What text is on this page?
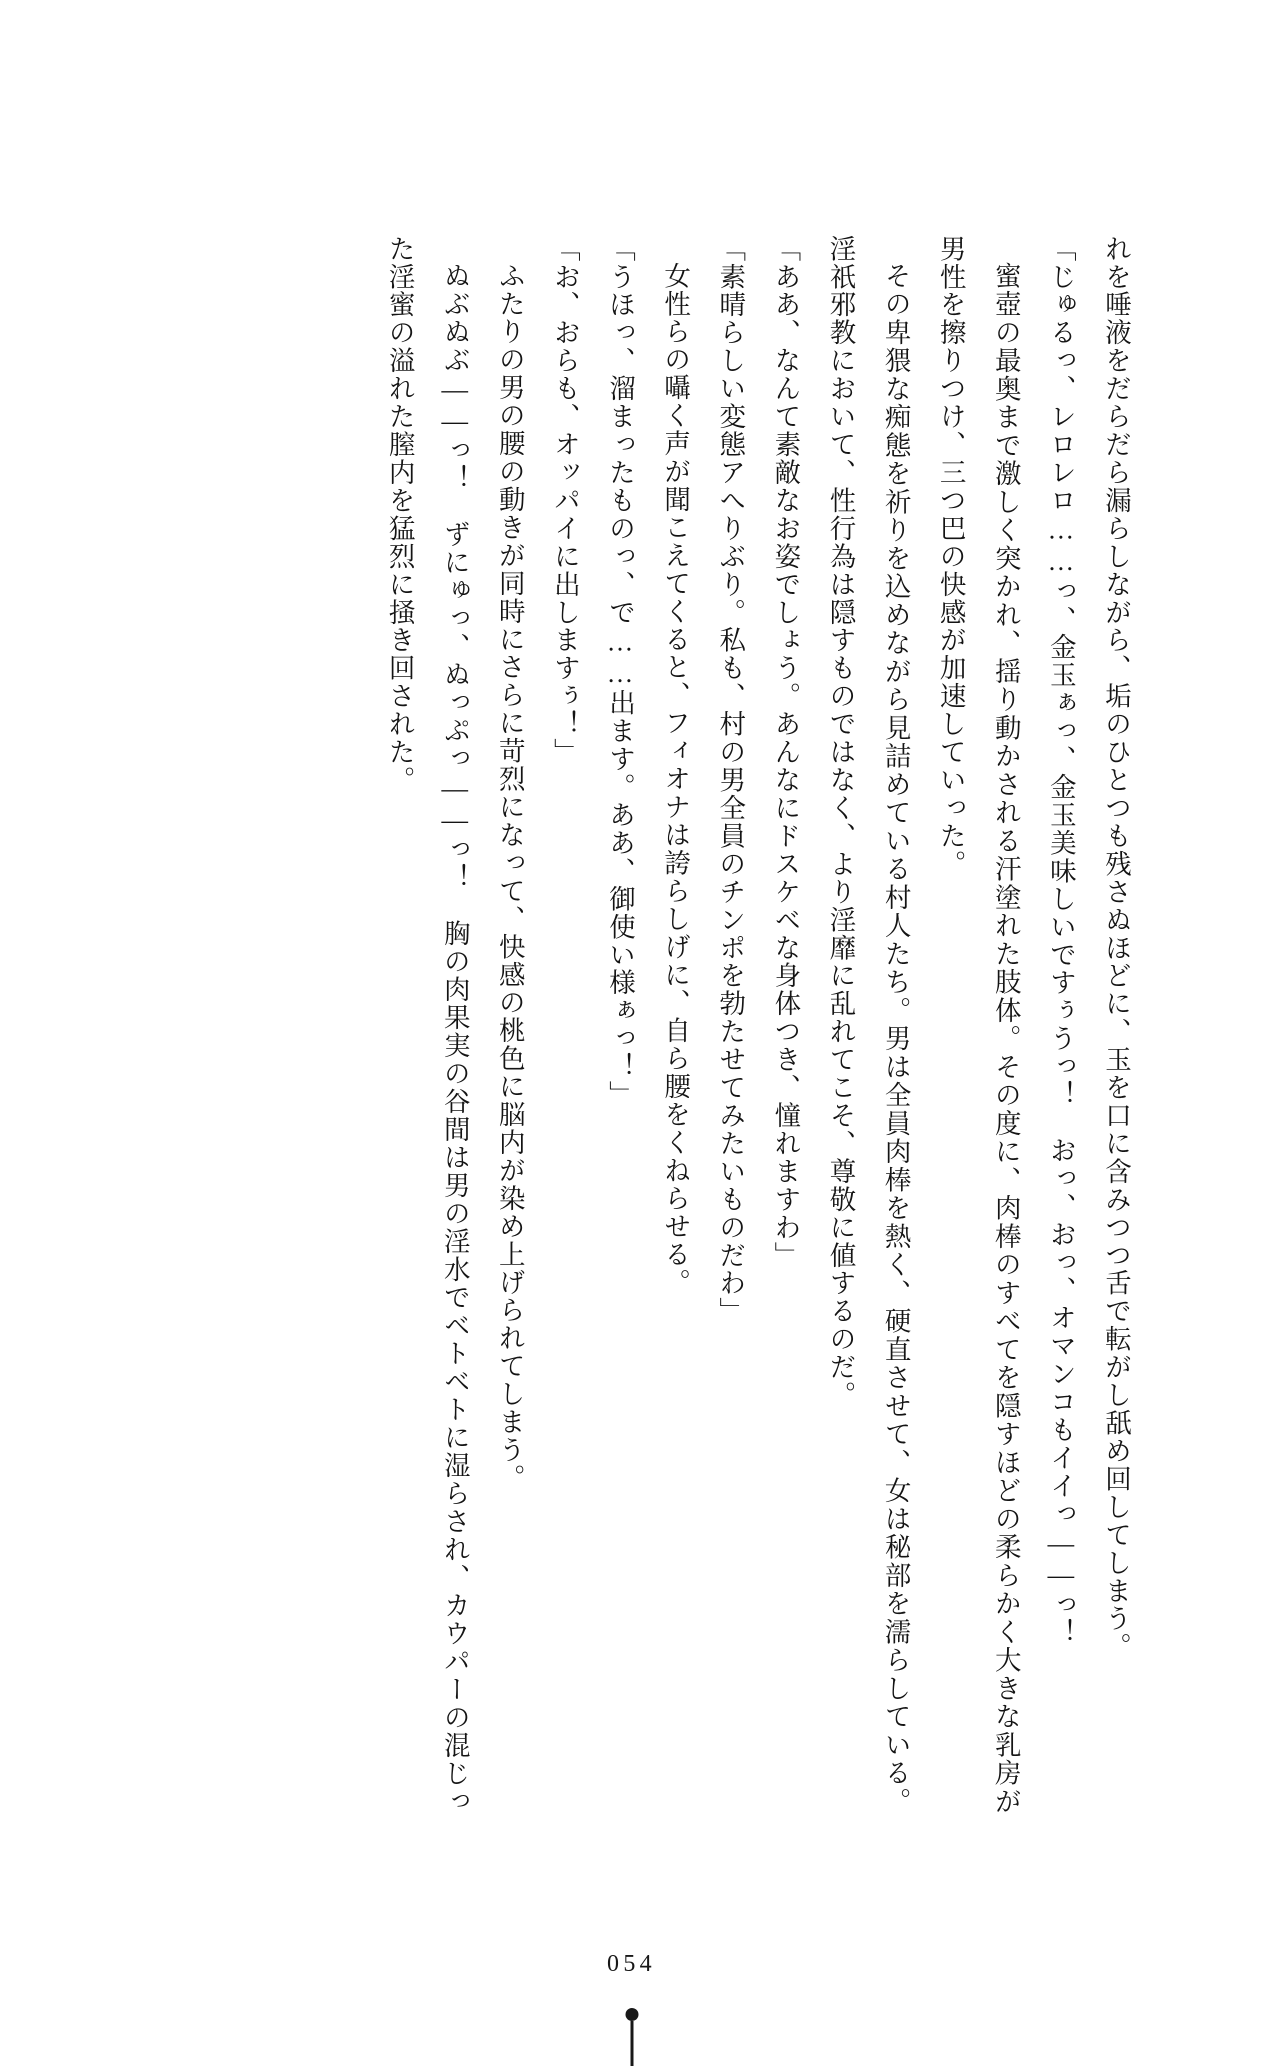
れを唾液をだらだら漏らしながら、垢のひとつも残さぬほどに、玉を口に含みつつ舌で転がし舐め回してしまう。

「じゅるっ、レロレロ……っ、金玉ぁっ、金玉美味しいですぅうっ！　おっ、おっ、オマンコもイイっ――っ！

蜜壺の最奥まで激しく突かれ、揺り動かされる汗塗れた肢体。その度に、肉棒のすべてを隠すほどの柔らかく大きな乳房が男性を擦りつけ、三つ巴の快感が加速していった。

その卑猥な痴態を祈りを込めながら見詰めている村人たち。男は全員肉棒を熱く、硬直させて、女は秘部を濡らしている。淫祇邪教において、性行為は隠すものではなく、より淫靡に乱れてこそ、尊敬に値するのだ。

「ああ、なんて素敵なお姿でしょう。あんなにドスケベな身体つき、憧れますわ」

「素晴らしい変態アへりぶり。私も、村の男全員のチンポを勃たせてみたいものだわ」

女性らの囁く声が聞こえてくると、フィオナは誇らしげに、自ら腰をくねらせる。

「うほっ、溜まったものっ、で……出ます。ああ、御使い様ぁっ！」

「お、おらも、オッパイに出しますぅ！」

ふたりの男の腰の動きが同時にさらに苛烈になって、快感の桃色に脳内が染め上げられてしまう。

ぬぶぬぶ――っ！　ずにゅっ、ぬっぷっ――っ！　胸の肉果実の谷間は男の淫水でベトベトに湿らされ、カウパーの混じった淫蜜の溢れた膣内を猛烈に掻き回された。

054
